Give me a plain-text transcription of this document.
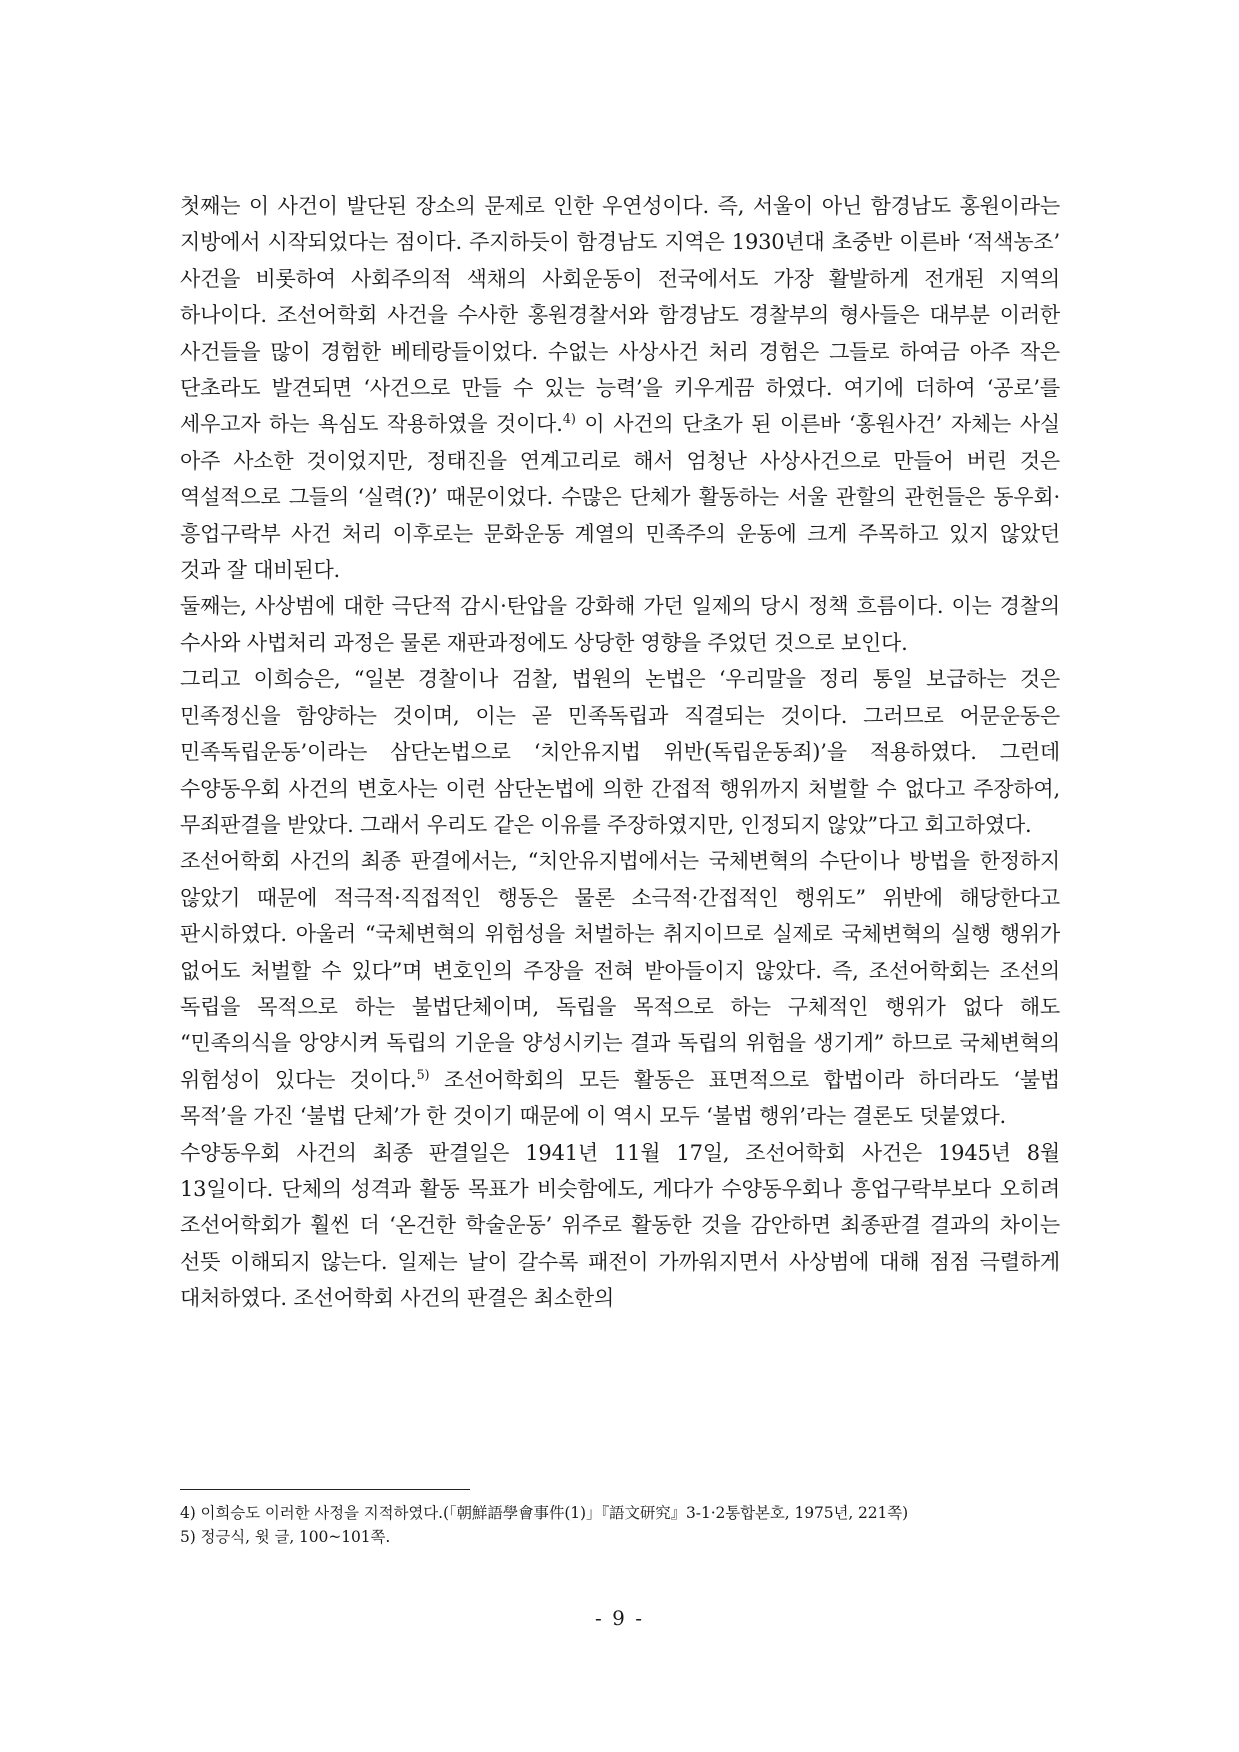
첫째는 이 사건이 발단된 장소의 문제로 인한 우연성이다. 즉, 서울이 아닌 함경남도 홍원이라는 지방에서 시작되었다는 점이다. 주지하듯이 함경남도 지역은 1930년대 초중반 이른바 ‘적색농조’ 사건을 비롯하여 사회주의적 색채의 사회운동이 전국에서도 가장 활발하게 전개된 지역의 하나이다. 조선어학회 사건을 수사한 홍원경찰서와 함경남도 경찰부의 형사들은 대부분 이러한 사건들을 많이 경험한 베테랑들이었다. 수없는 사상사건 처리 경험은 그들로 하여금 아주 작은 단초라도 발견되면 ‘사건으로 만들 수 있는 능력’을 키우게끔 하였다. 여기에 더하여 ‘공로’를 세우고자 하는 욕심도 작용하였을 것이다.$^{4)}$ 이 사건의 단초가 된 이른바 ‘홍원사건’ 자체는 사실 아주 사소한 것이었지만, 정태진을 연계고리로 해서 엄청난 사상사건으로 만들어 버린 것은 역설적으로 그들의 ‘실력(?)’ 때문이었다. 수많은 단체가 활동하는 서울 관할의 관헌들은 동우회·흥업구락부 사건 처리 이후로는 문화운동 계열의 민족주의 운동에 크게 주목하고 있지 않았던 것과 잘 대비된다.

둘째는, 사상범에 대한 극단적 감시·탄압을 강화해 가던 일제의 당시 정책 흐름이다. 이는 경찰의 수사와 사법처리 과정은 물론 재판과정에도 상당한 영향을 주었던 것으로 보인다.

그리고 이희승은, “일본 경찰이나 검찰, 법원의 논법은 ‘우리말을 정리 통일 보급하는 것은 민족정신을 함양하는 것이며, 이는 곧 민족독립과 직결되는 것이다. 그러므로 어문운동은 민족독립운동’이라는 삼단논법으로 ‘치안유지법 위반(독립운동죄)’을 적용하였다. 그런데 수양동우회 사건의 변호사는 이런 삼단논법에 의한 간접적 행위까지 처벌할 수 없다고 주장하여, 무죄판결을 받았다. 그래서 우리도 같은 이유를 주장하였지만, 인정되지 않았”다고 회고하였다.

조선어학회 사건의 최종 판결에서는, “치안유지법에서는 국체변혁의 수단이나 방법을 한정하지 않았기 때문에 적극적·직접적인 행동은 물론 소극적·간접적인 행위도” 위반에 해당한다고 판시하였다. 아울러 “국체변혁의 위험성을 처벌하는 취지이므로 실제로 국체변혁의 실행 행위가 없어도 처벌할 수 있다”며 변호인의 주장을 전혀 받아들이지 않았다. 즉, 조선어학회는 조선의 독립을 목적으로 하는 불법단체이며, 독립을 목적으로 하는 구체적인 행위가 없다 해도 “민족의식을 앙양시켜 독립의 기운을 양성시키는 결과 독립의 위험을 생기게” 하므로 국체변혁의 위험성이 있다는 것이다.$^{5)}$ 조선어학회의 모든 활동은 표면적으로 합법이라 하더라도 ‘불법 목적’을 가진 ‘불법 단체’가 한 것이기 때문에 이 역시 모두 ‘불법 행위’라는 결론도 덧붙였다.

수양동우회 사건의 최종 판결일은 1941년 11월 17일, 조선어학회 사건은 1945년 8월 13일이다. 단체의 성격과 활동 목표가 비슷함에도, 게다가 수양동우회나 흥업구락부보다 오히려 조선어학회가 훨씬 더 ‘온건한 학술운동’ 위주로 활동한 것을 감안하면 최종판결 결과의 차이는 선뜻 이해되지 않는다. 일제는 날이 갈수록 패전이 가까워지면서 사상범에 대해 점점 극렬하게 대처하였다. 조선어학회 사건의 판결은 최소한의

4) 이희승도 이러한 사정을 지적하였다.(「朝鮮語學會事件(1)」『語文研究』3-1·2통합본호, 1975년, 221쪽)
5) 정긍식, 윗 글, 100~101쪽.
- 9 -
